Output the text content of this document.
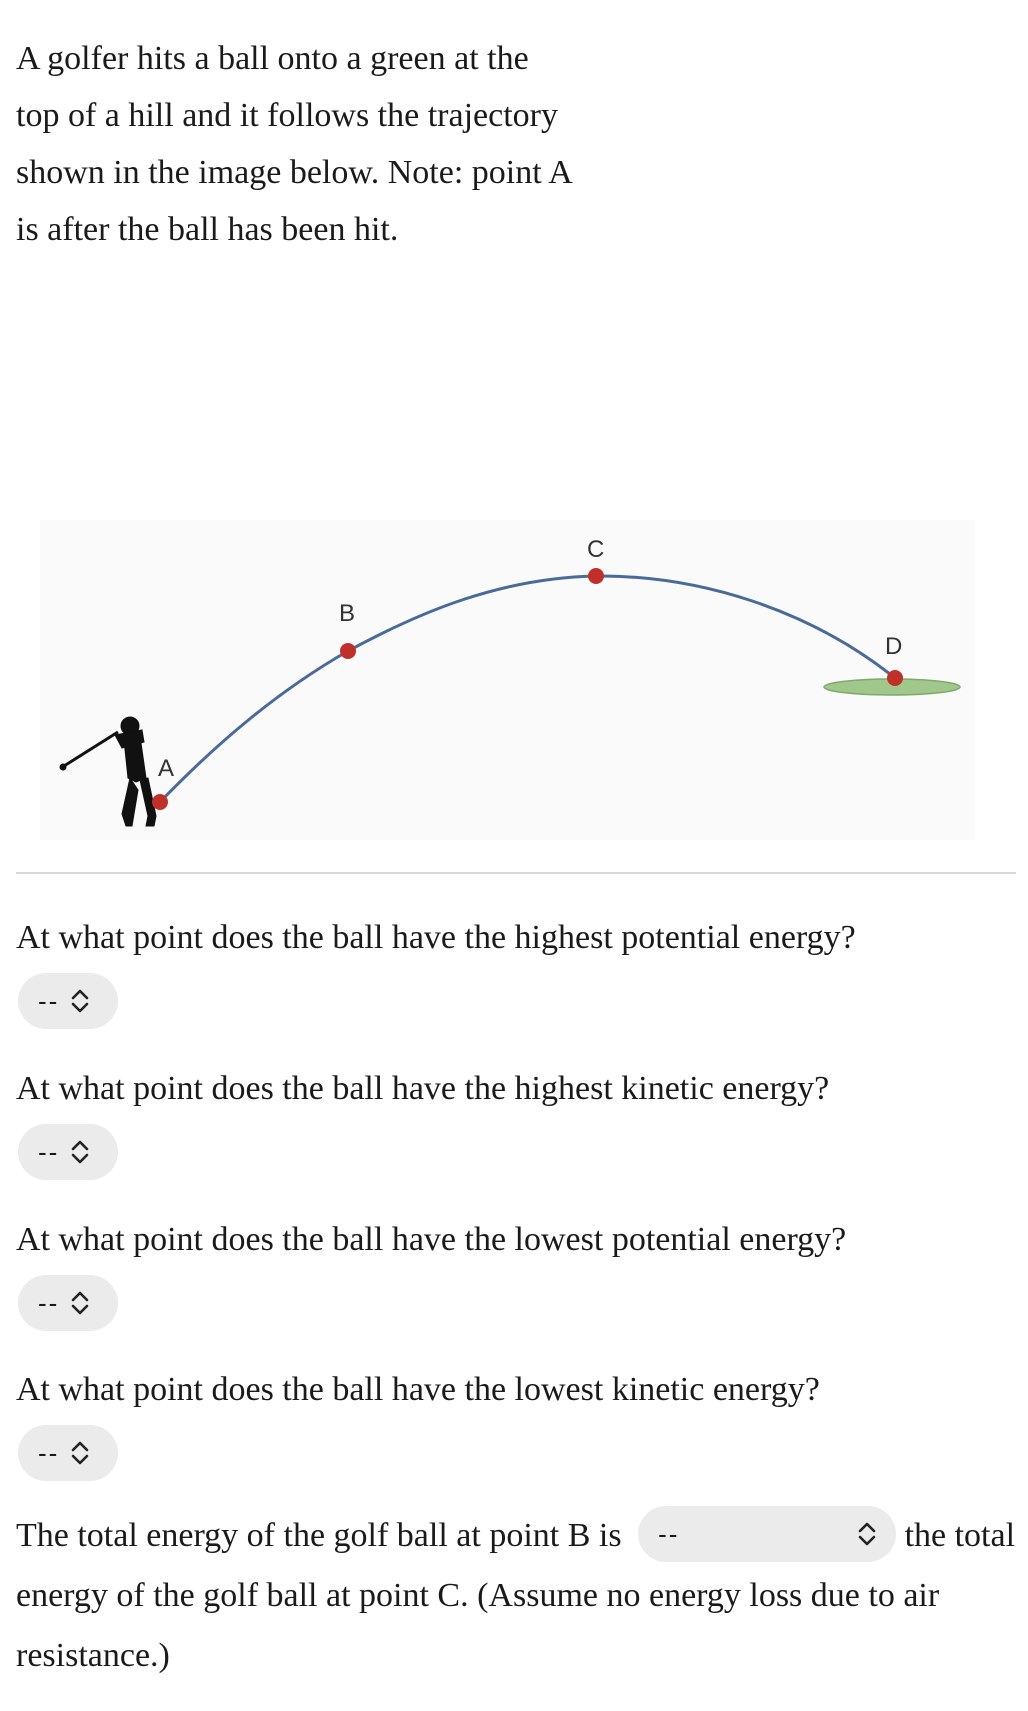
A golfer hits a ball onto a green at the
top of a hill and it follows the trajectory
shown in the image below. Note: point A
is after the ball has been hit.
A
B
C
D
At what point does the ball have the highest potential energy?
--
At what point does the ball have the highest kinetic energy?
--
At what point does the ball have the lowest potential energy?
--
At what point does the ball have the lowest kinetic energy?
--
The total energy of the golf ball at point B is --	the total energy of the golf ball at point C. (Assume no energy loss due to air resistance.)
